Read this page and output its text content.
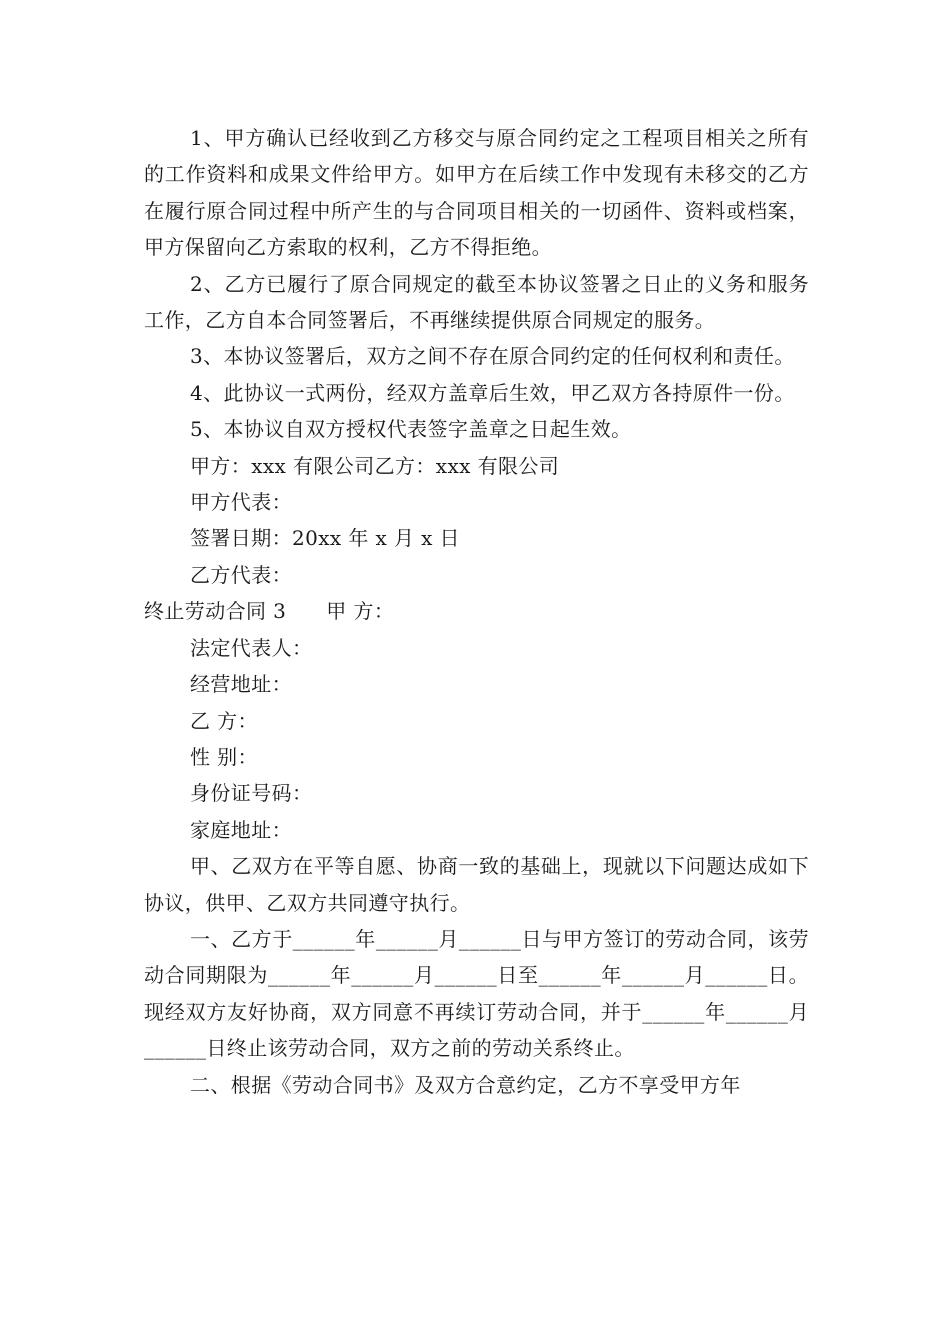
1、甲方确认已经收到乙方移交与原合同约定之工程项目相关之所有的工作资料和成果文件给甲方。如甲方在后续工作中发现有未移交的乙方在履行原合同过程中所产生的与合同项目相关的一切函件、资料或档案，甲方保留向乙方索取的权利，乙方不得拒绝。

2、乙方已履行了原合同规定的截至本协议签署之日止的义务和服务工作，乙方自本合同签署后，不再继续提供原合同规定的服务。

3、本协议签署后，双方之间不存在原合同约定的任何权利和责任。

4、此协议一式两份，经双方盖章后生效，甲乙双方各持原件一份。

5、本协议自双方授权代表签字盖章之日起生效。

甲方：xxx 有限公司乙方：xxx 有限公司

甲方代表：

签署日期：20xx 年 x 月 x 日

乙方代表：

终止劳动合同 3 甲 方：

法定代表人：

经营地址：

乙 方：

性 别：

身份证号码：

家庭地址：

甲、乙双方在平等自愿、协商一致的基础上，现就以下问题达成如下协议，供甲、乙双方共同遵守执行。

一、乙方于______年______月______日与甲方签订的劳动合同，该劳动合同期限为______年______月______日至______年______月______日。现经双方友好协商，双方同意不再续订劳动合同，并于______年______月______日终止该劳动合同，双方之前的劳动关系终止。

二、根据《劳动合同书》及双方合意约定，乙方不享受甲方年
